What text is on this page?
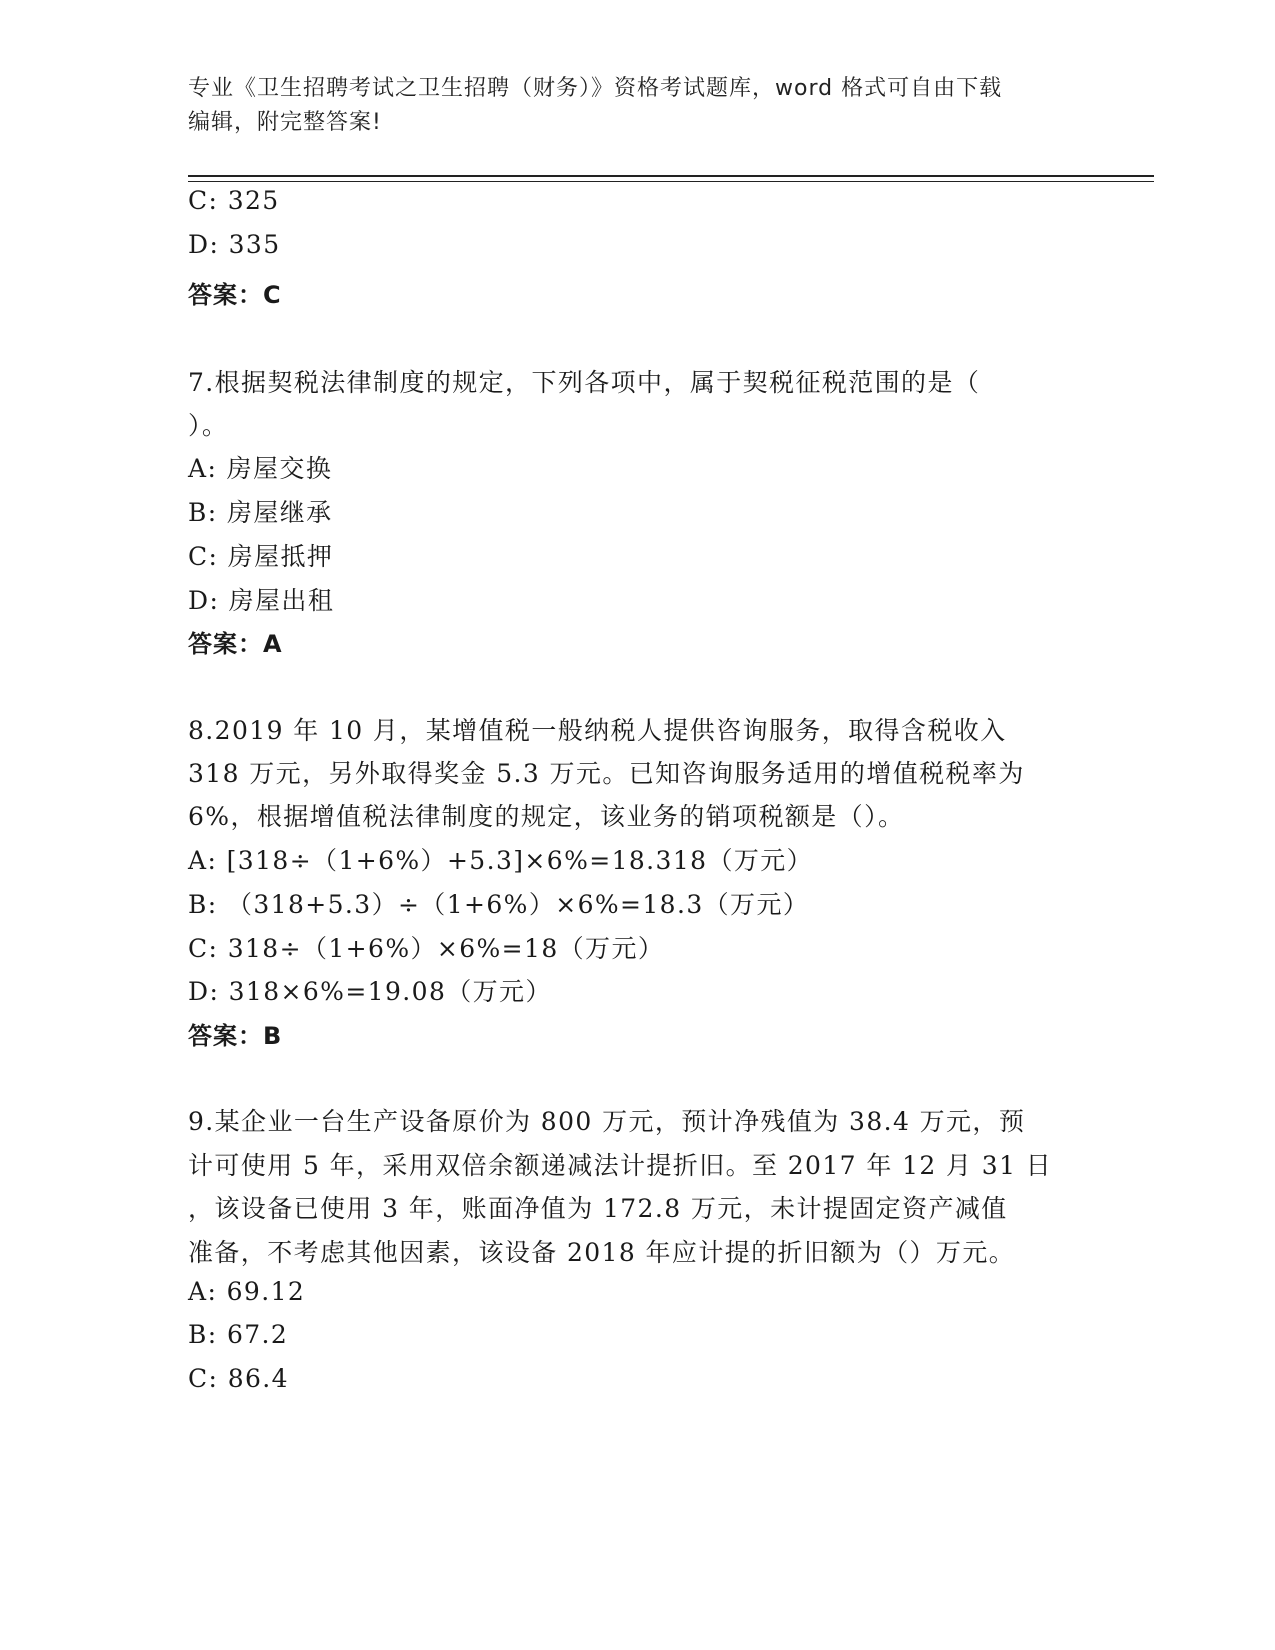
专业《卫生招聘考试之卫生招聘（财务）》资格考试题库，word 格式可自由下载
编辑，附完整答案!
C: 325
D: 335
答案：C
7.根据契税法律制度的规定，下列各项中，属于契税征税范围的是（
）。
A: 房屋交换
B: 房屋继承
C: 房屋抵押
D: 房屋出租
答案：A
8.2019 年 10 月，某增值税一般纳税人提供咨询服务，取得含税收入
318 万元，另外取得奖金 5.3 万元。已知咨询服务适用的增值税税率为
6%，根据增值税法律制度的规定，该业务的销项税额是（）。
A: [318÷（1+6%）+5.3]×6%=18.318（万元）
B: （318+5.3）÷（1+6%）×6%=18.3（万元）
C: 318÷（1+6%）×6%=18（万元）
D: 318×6%=19.08（万元）
答案：B
9.某企业一台生产设备原价为 800 万元，预计净残值为 38.4 万元，预
计可使用 5 年，采用双倍余额递减法计提折旧。至 2017 年 12 月 31 日
，该设备已使用 3 年，账面净值为 172.8 万元，未计提固定资产减值
准备，不考虑其他因素，该设备 2018 年应计提的折旧额为（）万元。
A: 69.12
B: 67.2
C: 86.4
